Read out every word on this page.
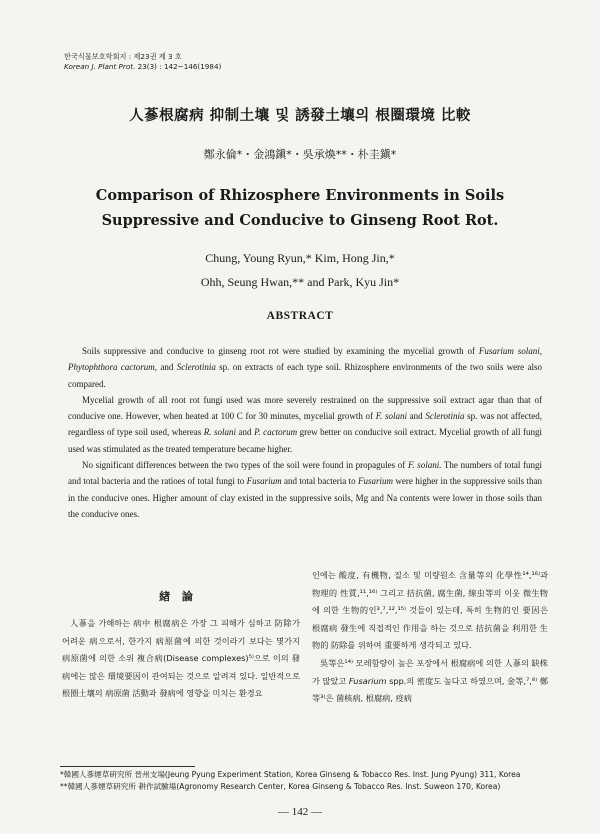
한국식물보호학회지 : 제23권 제 3 호
Korean J. Plant Prot. 23(3) : 142~146(1984)
人蔘根腐病 抑制土壤 및 誘發土壤의 根圈環境 比較
鄭永倫*・金鴻鎭*・吳承煥**・朴圭鎭*
Comparison of Rhizosphere Environments in Soils
Suppressive and Conducive to Ginseng Root Rot.
Chung, Young Ryun,* Kim, Hong Jin,*
Ohh, Seung Hwan,** and Park, Kyu Jin*
ABSTRACT

Soils suppressive and conducive to ginseng root rot were studied by examining the mycelial growth of Fusarium solani, Phytophthora cactorum, and Sclerotinia sp. on extracts of each type soil. Rhizosphere environments of the two soils were also compared.

Mycelial growth of all root rot fungi used was more severely restrained on the suppressive soil extract agar than that of conducive one. However, when heated at 100 C for 30 minutes, mycelial growth of F. solani and Sclerotinia sp. was not affected, regardless of type soil used, whereas R. solani and P. cactorum grew better on conducive soil extract. Mycelial growth of all fungi used was stimulated as the treated temperature became higher.

No significant differences between the two types of the soil were found in propagules of F. solani. The numbers of total fungi and total bacteria and the ratioes of total fungi to Fusarium and total bacteria to Fusarium were higher in the suppressive soils than in the conducive ones. Higher amount of clay existed in the suppressive soils, Mg and Na contents were lower in those soils than the conducive ones.

緖 論

人蔘을 가해하는 病中 根腐病은 가장 그 피해가 심하고 防除가 어려운 病으로서, 한가지 病原菌에 의한 것이라기 보다는 몇가지 病原菌에 의한 소위 複合病(Disease complexes)⁵⁾으로 이의 發病에는 많은 環境要因이 관여되는 것으로 알려져 있다. 일반적으로 根圈土壤의 病原菌 活動과 發病에 영향을 미치는 환경요

인에는 酸度, 有機物, 질소 및 미량원소 含量等의 化學性¹⁴,¹⁶⁾과 物理的 性質,¹¹,¹⁶⁾ 그리고 拮抗菌, 腐生菌, 線虫等의 이웃 微生物에 의한 生物的인³,⁷,¹²,¹⁵⁾ 것들이 있는데, 특히 生物的인 要因은 根腐病 發生에 직접적인 作用을 하는 것으로 拮抗菌을 利用한 生物的 防除를 위하여 重要하게 생각되고 있다.

吳等은¹⁴⁾ 모레함량이 높은 포장에서 根腐病에 의한 人蔘의 缺株가 많았고 Fusarium spp.의 密度도 높다고 하였으며, 金等,⁷,⁸⁾ 鄭等³⁾은 菌核病, 根腐病, 疫病

*韓國人蔘煙草硏究所 晉州支場(Jeung Pyung Experiment Station, Korea Ginseng & Tobacco Res. Inst. Jung Pyung) 311, Korea
**韓國人蔘煙草硏究所 耕作試驗場(Agronomy Research Center, Korea Ginseng & Tobacco Res. Inst. Suweon 170, Korea)
— 142 —
